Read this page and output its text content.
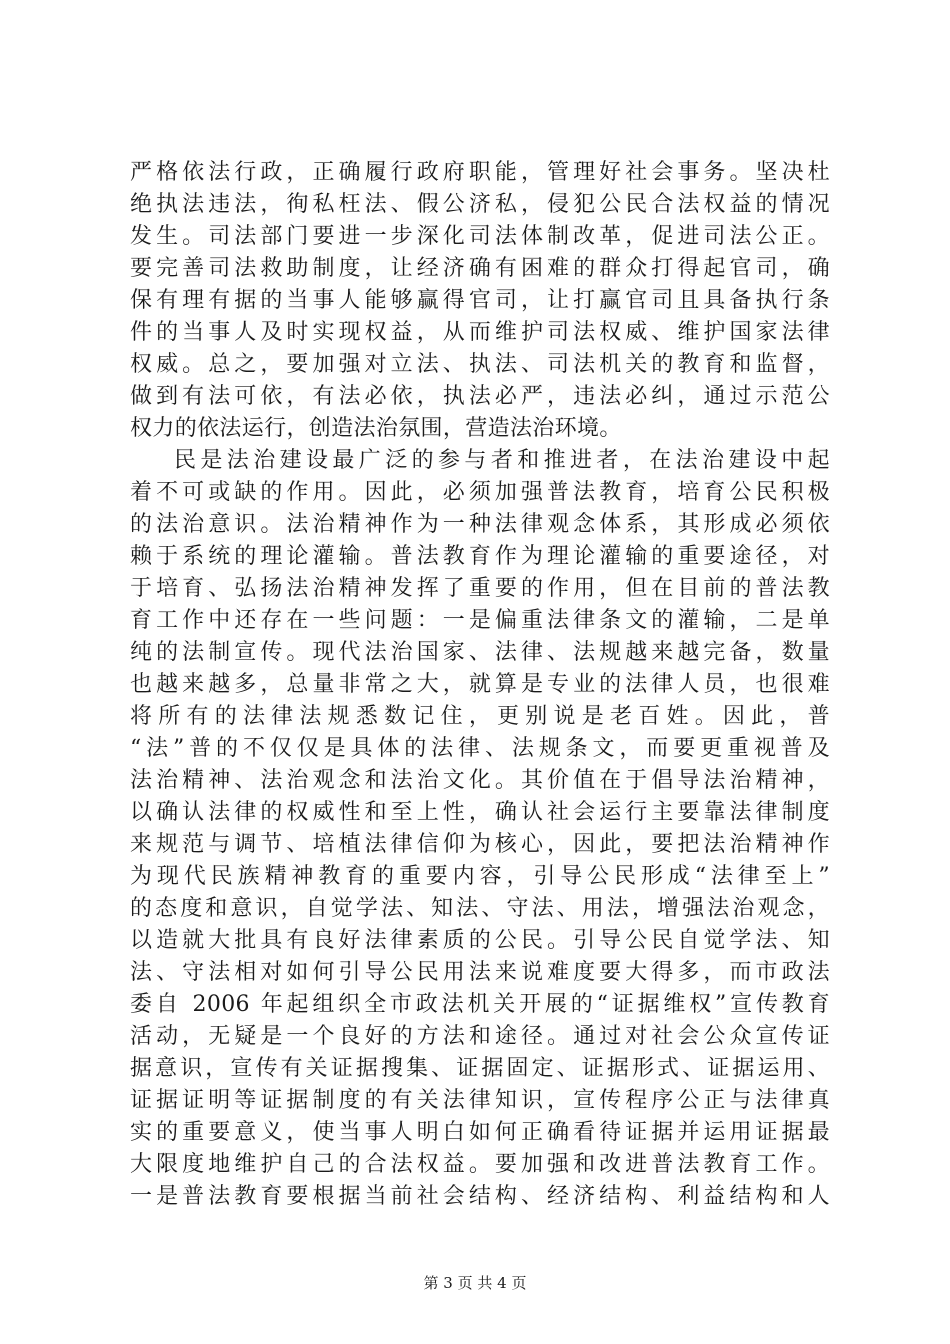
严格依法行政，正确履行政府职能，管理好社会事务。坚决杜
绝执法违法，徇私枉法、假公济私，侵犯公民合法权益的情况
发生。司法部门要进一步深化司法体制改革，促进司法公正。
要完善司法救助制度，让经济确有困难的群众打得起官司，确
保有理有据的当事人能够赢得官司，让打赢官司且具备执行条
件的当事人及时实现权益，从而维护司法权威、维护国家法律
权威。总之，要加强对立法、执法、司法机关的教育和监督，
做到有法可依，有法必依，执法必严，违法必纠，通过示范公
权力的依法运行，创造法治氛围，营造法治环境。
民是法治建设最广泛的参与者和推进者，在法治建设中起
着不可或缺的作用。因此，必须加强普法教育，培育公民积极
的法治意识。法治精神作为一种法律观念体系，其形成必须依
赖于系统的理论灌输。普法教育作为理论灌输的重要途径，对
于培育、弘扬法治精神发挥了重要的作用，但在目前的普法教
育工作中还存在一些问题：一是偏重法律条文的灌输，二是单
纯的法制宣传。现代法治国家、法律、法规越来越完备，数量
也越来越多，总量非常之大，就算是专业的法律人员，也很难
将所有的法律法规悉数记住，更别说是老百姓。因此，普
“法”普的不仅仅是具体的法律、法规条文，而要更重视普及
法治精神、法治观念和法治文化。其价值在于倡导法治精神，
以确认法律的权威性和至上性，确认社会运行主要靠法律制度
来规范与调节、培植法律信仰为核心，因此，要把法治精神作
为现代民族精神教育的重要内容，引导公民形成“法律至上”
的态度和意识，自觉学法、知法、守法、用法，增强法治观念，
以造就大批具有良好法律素质的公民。引导公民自觉学法、知
法、守法相对如何引导公民用法来说难度要大得多，而市政法
委自 2006 年起组织全市政法机关开展的“证据维权”宣传教育
活动，无疑是一个良好的方法和途径。通过对社会公众宣传证
据意识，宣传有关证据搜集、证据固定、证据形式、证据运用、
证据证明等证据制度的有关法律知识，宣传程序公正与法律真
实的重要意义，使当事人明白如何正确看待证据并运用证据最
大限度地维护自己的合法权益。要加强和改进普法教育工作。
一是普法教育要根据当前社会结构、经济结构、利益结构和人
第 3 页 共 4 页
